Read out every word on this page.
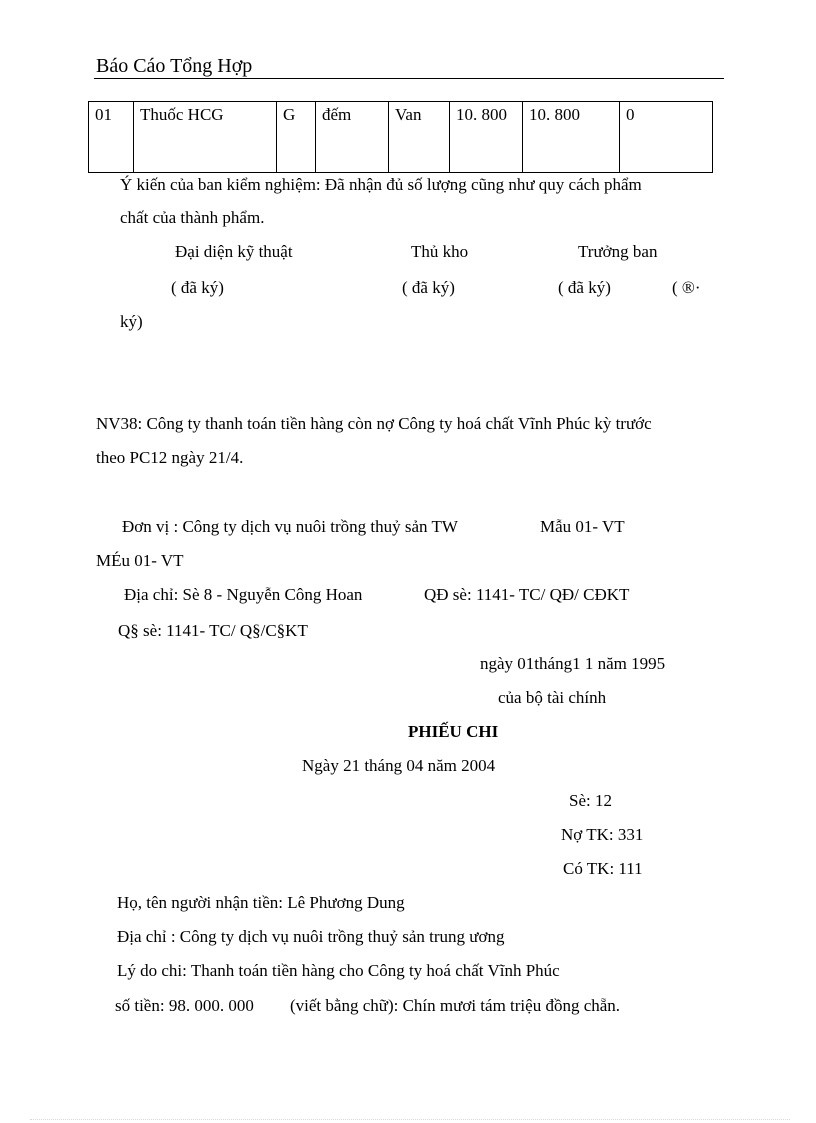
Báo Cáo Tổng Hợp
01	Thuốc HCG	G	đếm	Van	10. 800	10. 800	0
Ý kiến của ban kiểm nghiệm: Đã nhận đủ số lượng cũng như quy cách phẩm
chất của thành phẩm.
Đại diện kỹ thuật	Thủ kho	Trưởng ban
( đã ký)	( đã ký)	( đã ký)	( ®·
ký)
NV38: Công ty thanh toán tiền hàng còn nợ Công ty hoá chất Vĩnh Phúc kỳ trước
theo PC12 ngày 21/4.
Đơn vị : Công ty dịch vụ nuôi trồng thuỷ sản TW	Mẫu 01- VT
MÉu 01- VT
Địa chỉ: Sè 8 - Nguyễn Công Hoan	QĐ sè: 1141- TC/ QĐ/ CĐKT
Q§ sè: 1141- TC/ Q§/C§KT
ngày 01tháng1 1 năm 1995
của bộ tài chính
PHIẾU CHI
Ngày 21 tháng 04 năm 2004
Sè: 12
Nợ TK: 331
Có TK: 111
Họ, tên người nhận tiền: Lê Phương Dung
Địa chỉ : Công ty dịch vụ nuôi trồng thuỷ sản trung ương
Lý do chi: Thanh toán tiền hàng cho Công ty hoá chất Vĩnh Phúc
số tiền: 98. 000. 000 (viết bằng chữ): Chín mươi tám triệu đồng chẵn.
